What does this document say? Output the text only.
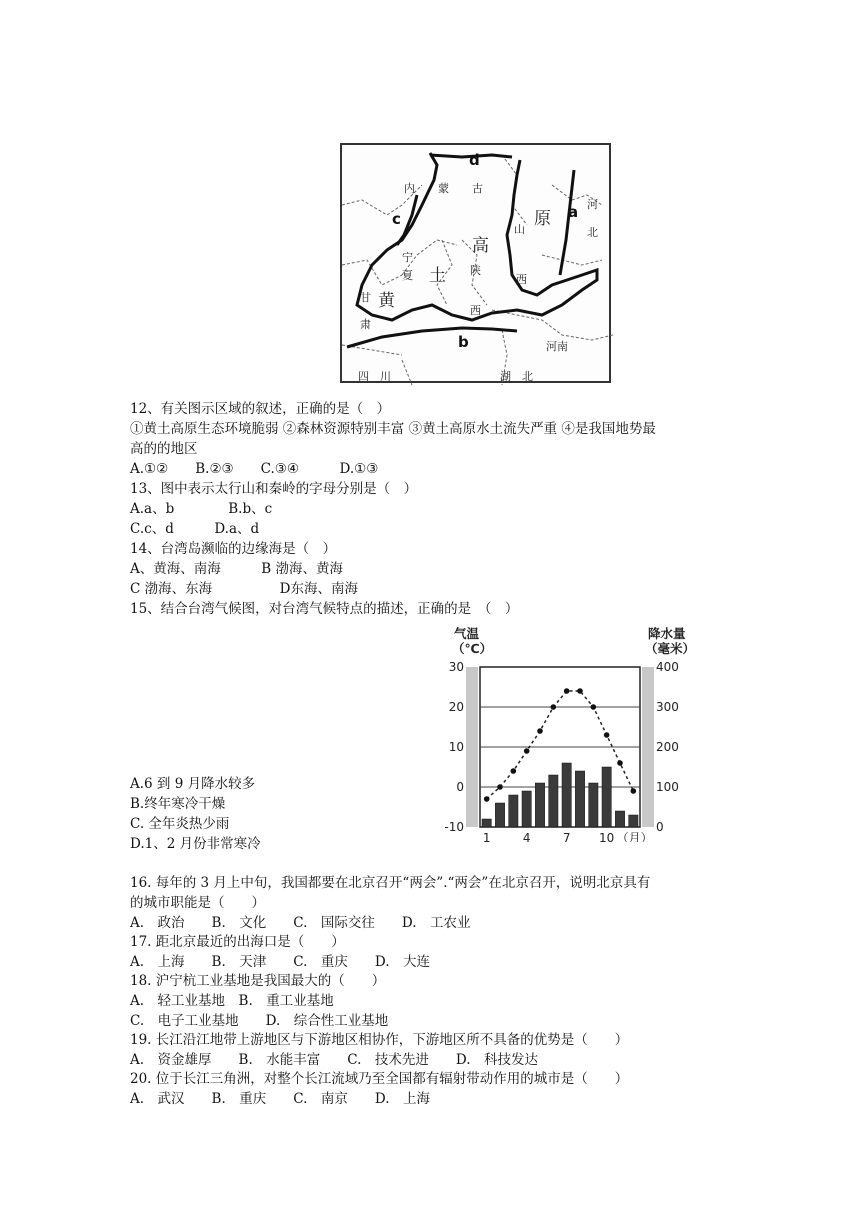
d
a
c
b
内 蒙 古
山
西
河
北
宁
夏	陕
西
甘
肃
河南
四　川	湖　北
黄
土
高
原
12、有关图示区域的叙述，正确的是（　）
①黄土高原生态环境脆弱 ②森林资源特别丰富 ③黄土高原水土流失严重 ④是我国地势最
高的的地区
A.①②　　B.②③　　C.③④　　　D.①③
13、图中表示太行山和秦岭的字母分别是（　）
A.a、b　　　　B.b、c
C.c、d　　　D.a、d
14、台湾岛濒临的边缘海是（　）
A、黄海、南海　　　B 渤海、黄海
C 渤海、东海　　　　　D东海、南海
15、结合台湾气候图，对台湾气候特点的描述，正确的是　（　）
A.6 到 9 月降水较多
B.终年寒冷干燥
C. 全年炎热少雨
D.1、2 月份非常寒冷
气温
（℃）
降水量
（毫米）
30
20
10
0
-10
400
300
200
100
0
1	4	7 10 （月）
16. 每年的 3 月上中旬，我国都要在北京召开“两会”.“两会”在北京召开，说明北京具有
的城市职能是（　　）
A.　政治　　B.　文化　　C.　国际交往　　D.　工农业
17. 距北京最近的出海口是（　　）
A.　上海　　B.　天津　　C.　重庆　　D.　大连
18. 沪宁杭工业基地是我国最大的（　　）
A.　轻工业基地　B.　重工业基地
C.　电子工业基地　　D.　综合性工业基地
19. 长江沿江地带上游地区与下游地区相协作，下游地区所不具备的优势是（　　）
A.　资金雄厚　　B.　水能丰富　　C.　技术先进　　D.　科技发达
20. 位于长江三角洲，对整个长江流域乃至全国都有辐射带动作用的城市是（　　）
A.　武汉　　B.　重庆　　C.　南京　　D.　上海
